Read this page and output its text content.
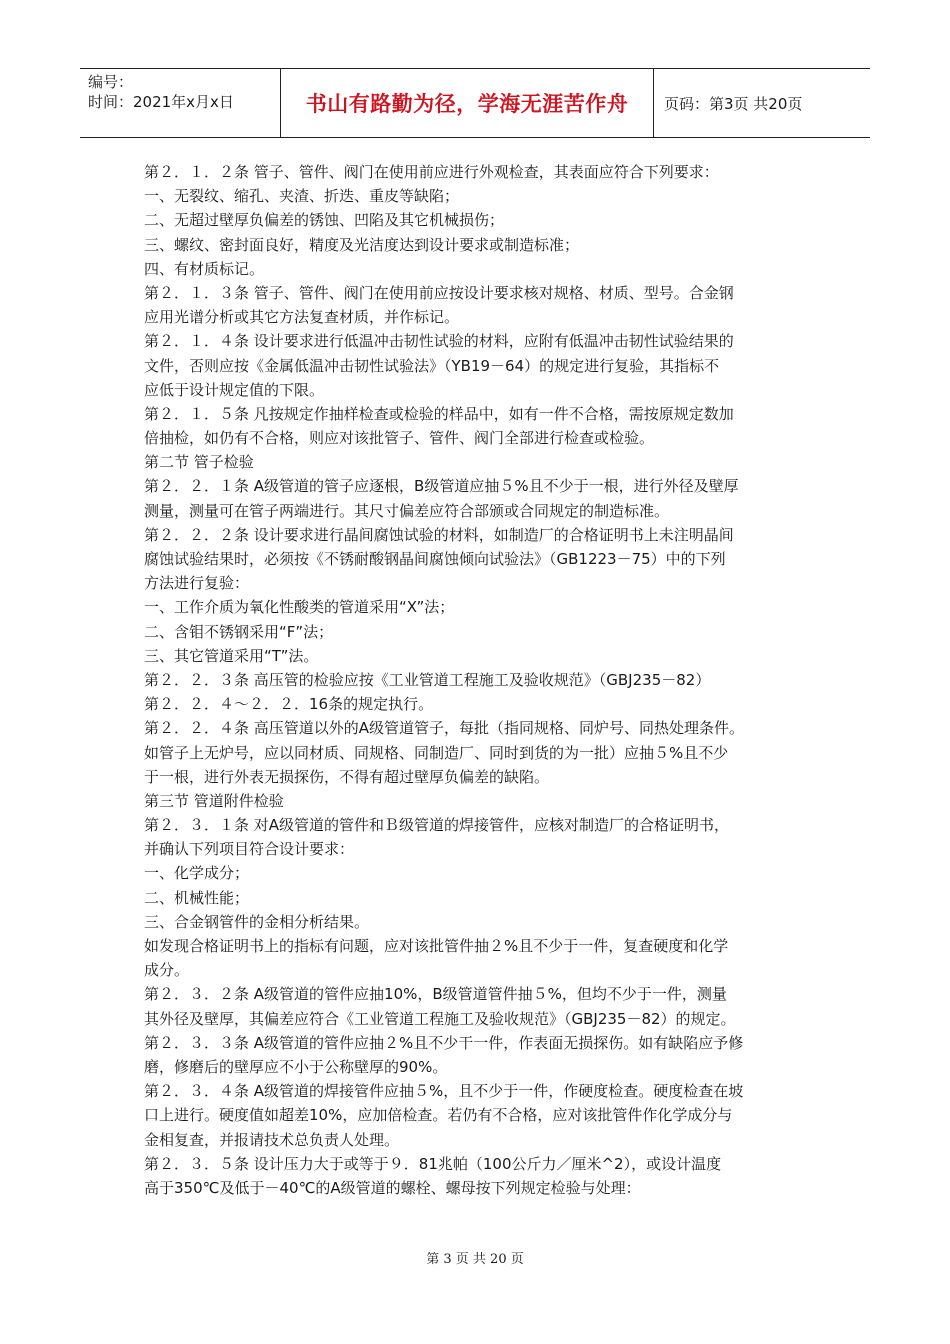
编号：
时间：2021年x月x日	书山有路勤为径，学海无涯苦作舟	页码：第3页 共20页
第２．１．２条 管子、管件、阀门在使用前应进行外观检查，其表面应符合下列要求：
一、无裂纹、缩孔、夹渣、折迭、重皮等缺陷；
二、无超过壁厚负偏差的锈蚀、凹陷及其它机械损伤；
三、螺纹、密封面良好，精度及光洁度达到设计要求或制造标准；
四、有材质标记。
第２．１．３条 管子、管件、阀门在使用前应按设计要求核对规格、材质、型号。合金钢
应用光谱分析或其它方法复查材质，并作标记。
第２．１．４条 设计要求进行低温冲击韧性试验的材料，应附有低温冲击韧性试验结果的
文件，否则应按《金属低温冲击韧性试验法》（YB19－64）的规定进行复验，其指标不
应低于设计规定值的下限。
第２．１．５条 凡按规定作抽样检查或检验的样品中，如有一件不合格，需按原规定数加
倍抽检，如仍有不合格，则应对该批管子、管件、阀门全部进行检查或检验。
第二节 管子检验
第２．２．１条 A级管道的管子应逐根，B级管道应抽５%且不少于一根，进行外径及壁厚
测量，测量可在管子两端进行。其尺寸偏差应符合部颁或合同规定的制造标准。
第２．２．２条 设计要求进行晶间腐蚀试验的材料，如制造厂的合格证明书上未注明晶间
腐蚀试验结果时，必须按《不锈耐酸钢晶间腐蚀倾向试验法》（GB1223－75）中的下列
方法进行复验：
一、工作介质为氧化性酸类的管道采用“X”法；
二、含钼不锈钢采用“F”法；
三、其它管道采用“T”法。
第２．２．３条 高压管的检验应按《工业管道工程施工及验收规范》（GBJ235－82）
第２．２．４～２．２．16条的规定执行。
第２．２．４条 高压管道以外的A级管道管子，每批（指同规格、同炉号、同热处理条件。
如管子上无炉号，应以同材质、同规格、同制造厂、同时到货的为一批）应抽５%且不少
于一根，进行外表无损探伤，不得有超过壁厚负偏差的缺陷。
第三节 管道附件检验
第２．３．１条 对A级管道的管件和Ｂ级管道的焊接管件，应核对制造厂的合格证明书，
并确认下列项目符合设计要求：
一、化学成分；
二、机械性能；
三、合金钢管件的金相分析结果。
如发现合格证明书上的指标有问题，应对该批管件抽２%且不少于一件，复查硬度和化学
成分。
第２．３．２条 A级管道的管件应抽10%，B级管道管件抽５%，但均不少于一件，测量
其外径及壁厚，其偏差应符合《工业管道工程施工及验收规范》（GBJ235－82）的规定。
第２．３．３条 A级管道的管件应抽２%且不少干一件，作表面无损探伤。如有缺陷应予修
磨，修磨后的壁厚应不小于公称壁厚的90%。
第２．３．４条 A级管道的焊接管件应抽５%，且不少于一件，作硬度检查。硬度检查在坡
口上进行。硬度值如超差10%，应加倍检查。若仍有不合格，应对该批管件作化学成分与
金相复查，并报请技术总负责人处理。
第２．３．５条 设计压力大于或等于９．81兆帕（100公斤力／厘米^2），或设计温度
高于350℃及低于－40℃的A级管道的螺栓、螺母按下列规定检验与处理：
第 3 页 共 20 页
